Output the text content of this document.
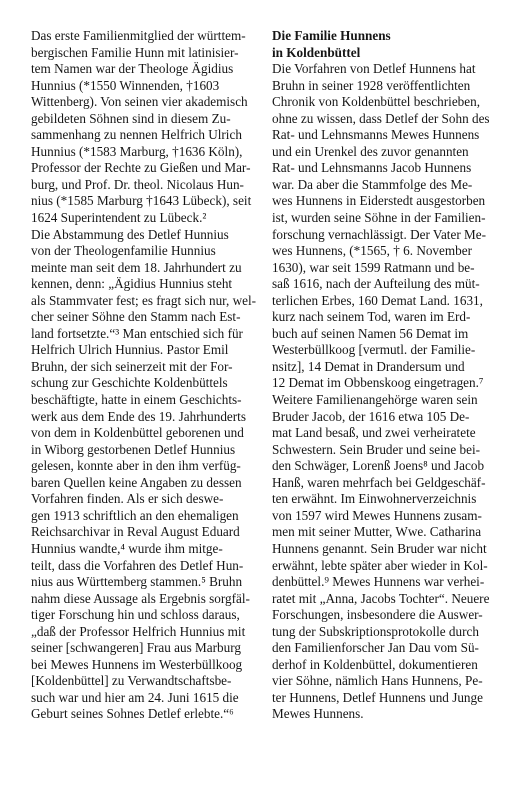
Das erste Familienmitglied der württem-
bergischen Familie Hunn mit latinisier-
tem Namen war der Theologe Ägidius
Hunnius (*1550 Winnenden, †1603
Wittenberg). Von seinen vier akademisch
gebildeten Söhnen sind in diesem Zu-
sammenhang zu nennen Helfrich Ulrich
Hunnius (*1583 Marburg, †1636 Köln),
Professor der Rechte zu Gießen und Mar-
burg, und Prof. Dr. theol. Nicolaus Hun-
nius (*1585 Marburg †1643 Lübeck), seit
1624 Superintendent zu Lübeck.²
Die Abstammung des Detlef Hunnius
von der Theologenfamilie Hunnius
meinte man seit dem 18. Jahrhundert zu
kennen, denn: „Ägidius Hunnius steht
als Stammvater fest; es fragt sich nur, wel-
cher seiner Söhne den Stamm nach Est-
land fortsetzte.“³ Man entschied sich für
Helfrich Ulrich Hunnius. Pastor Emil
Bruhn, der sich seinerzeit mit der For-
schung zur Geschichte Koldenbüttels
beschäftigte, hatte in einem Geschichts-
werk aus dem Ende des 19. Jahrhunderts
von dem in Koldenbüttel geborenen und
in Wiborg gestorbenen Detlef Hunnius
gelesen, konnte aber in den ihm verfüg-
baren Quellen keine Angaben zu dessen
Vorfahren finden. Als er sich deswe-
gen 1913 schriftlich an den ehemaligen
Reichsarchivar in Reval August Eduard
Hunnius wandte,⁴ wurde ihm mitge-
teilt, dass die Vorfahren des Detlef Hun-
nius aus Württemberg stammen.⁵ Bruhn
nahm diese Aussage als Ergebnis sorgfäl-
tiger Forschung hin und schloss daraus,
„daß der Professor Helfrich Hunnius mit
seiner [schwangeren] Frau aus Marburg
bei Mewes Hunnens im Westerbüllkoog
[Koldenbüttel] zu Verwandtschaftsbe-
such war und hier am 24. Juni 1615 die
Geburt seines Sohnes Detlef erlebte.“⁶
Die Familie Hunnens
in Koldenbüttel
Die Vorfahren von Detlef Hunnens hat
Bruhn in seiner 1928 veröffentlichten
Chronik von Koldenbüttel beschrieben,
ohne zu wissen, dass Detlef der Sohn des
Rat- und Lehnsmanns Mewes Hunnens
und ein Urenkel des zuvor genannten
Rat- und Lehnsmanns Jacob Hunnens
war. Da aber die Stammfolge des Me-
wes Hunnens in Eiderstedt ausgestorben
ist, wurden seine Söhne in der Familien-
forschung vernachlässigt. Der Vater Me-
wes Hunnens, (*1565, † 6. November
1630), war seit 1599 Ratmann und be-
saß 1616, nach der Aufteilung des müt-
terlichen Erbes, 160 Demat Land. 1631,
kurz nach seinem Tod, waren im Erd-
buch auf seinen Namen 56 Demat im
Westerbüllkoog [vermutl. der Familie-
nsitz], 14 Demat in Drandersum und
12 Demat im Obbenskoog eingetragen.⁷
Weitere Familienangehörge waren sein
Bruder Jacob, der 1616 etwa 105 De-
mat Land besaß, und zwei verheiratete
Schwestern. Sein Bruder und seine bei-
den Schwäger, Lorenß Joens⁸ und Jacob
Hanß, waren mehrfach bei Geldgeschäf-
ten erwähnt. Im Einwohnerverzeichnis
von 1597 wird Mewes Hunnens zusam-
men mit seiner Mutter, Wwe. Catharina
Hunnens genannt. Sein Bruder war nicht
erwähnt, lebte später aber wieder in Kol-
denbüttel.⁹ Mewes Hunnens war verhei-
ratet mit „Anna, Jacobs Tochter“. Neuere
Forschungen, insbesondere die Auswer-
tung der Subskriptionsprotokolle durch
den Familienforscher Jan Dau vom Sü-
derhof in Koldenbüttel, dokumentieren
vier Söhne, nämlich Hans Hunnens, Pe-
ter Hunnens, Detlef Hunnens und Junge
Mewes Hunnens.
